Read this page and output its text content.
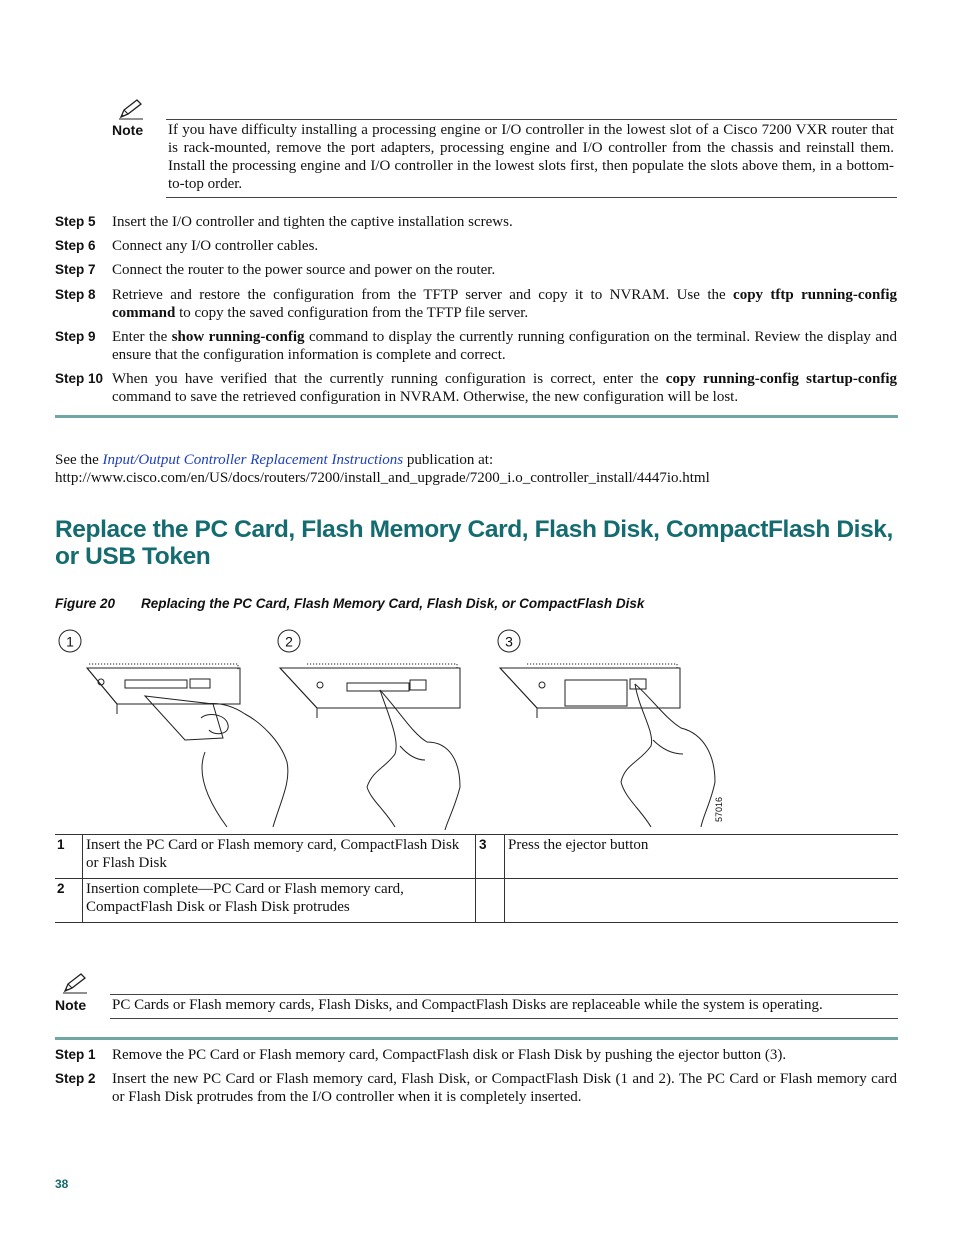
Note If you have difficulty installing a processing engine or I/O controller in the lowest slot of a Cisco 7200 VXR router that is rack-mounted, remove the port adapters, processing engine and I/O controller from the chassis and reinstall them. Install the processing engine and I/O controller in the lowest slots first, then populate the slots above them, in a bottom-to-top order.
Step 5 Insert the I/O controller and tighten the captive installation screws.
Step 6 Connect any I/O controller cables.
Step 7 Connect the router to the power source and power on the router.
Step 8 Retrieve and restore the configuration from the TFTP server and copy it to NVRAM. Use the copy tftp running-config command to copy the saved configuration from the TFTP file server.
Step 9 Enter the show running-config command to display the currently running configuration on the terminal. Review the display and ensure that the configuration information is complete and correct.
Step 10 When you have verified that the currently running configuration is correct, enter the copy running-config startup-config command to save the retrieved configuration in NVRAM. Otherwise, the new configuration will be lost.
See the Input/Output Controller Replacement Instructions publication at:
http://www.cisco.com/en/US/docs/routers/7200/install_and_upgrade/7200_i.o_controller_install/4447io.html
Replace the PC Card, Flash Memory Card, Flash Disk, CompactFlash Disk, or USB Token
Figure 20 Replacing the PC Card, Flash Memory Card, Flash Disk, or CompactFlash Disk
1	2	3
57016
1	Insert the PC Card or Flash memory card, CompactFlash Disk or Flash Disk	3	Press the ejector button
2	Insertion complete—PC Card or Flash memory card, CompactFlash Disk or Flash Disk protrudes		
Note PC Cards or Flash memory cards, Flash Disks, and CompactFlash Disks are replaceable while the system is operating.
Step 1 Remove the PC Card or Flash memory card, CompactFlash disk or Flash Disk by pushing the ejector button (3).
Step 2 Insert the new PC Card or Flash memory card, Flash Disk, or CompactFlash Disk (1 and 2). The PC Card or Flash memory card or Flash Disk protrudes from the I/O controller when it is completely inserted.
38
